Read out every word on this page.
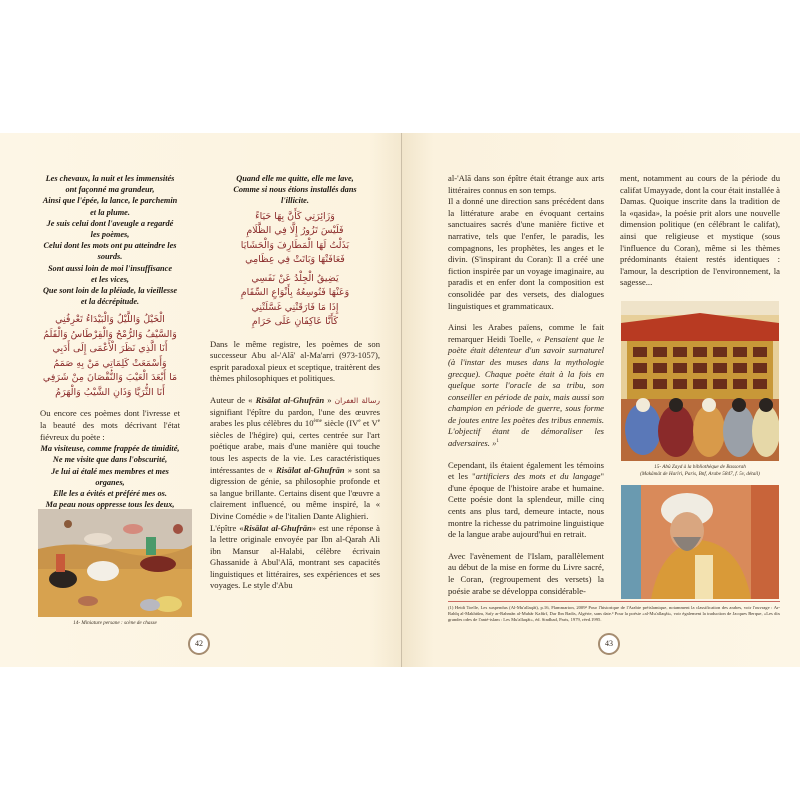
Les chevaux, la nuit et les immensités
ont façonné ma grandeur,
Ainsi que l'épée, la lance, le parchemin
et la plume.
Je suis celui dont l'aveugle a regardé
les poèmes,
Celui dont les mots ont pu atteindre les
sourds.
Sont aussi loin de moi l'insuffisance
et les vices,
Que sont loin de la pléiade, la vieillesse
et la décrépitude.
الْخَيْلُ وَاللَّيْلُ وَالْبَيْدَاءُ تَعْرِفُنِي
وَالسَّيْفُ وَالرُّمْحُ وَالْقِرْطَاسُ وَالْقَلَمُ
أَنَا الَّذِي نَظَرَ الْأَعْمَى إِلَى أَدَبِي
وَأَسْمَعَتْ كَلِمَاتِي مَنْ بِهِ صَمَمُ
مَا أَبْعَدَ الْعَيْبَ وَالنُّقْصَانَ مِنْ شَرَفِي
أَنَا الثُّرَيَّا وَذَانِ الشَّيْبُ وَالْهَرَمُ

Ou encore ces poèmes dont l'ivresse et la beauté des mots décrivant l'état fiévreux du poète :

Ma visiteuse, comme frappée de timidité,
Ne me visite que dans l'obscurité,
Je lui ai étalé mes membres et mes organes,
Elle les a évités et préféré mes os.
Ma peau nous oppresse tous les deux,
14- Miniature persane : scène de chasse
Quand elle me quitte, elle me lave,
Comme si nous étions installés dans
l'illicite.
وَزَائِرَتِي كَأَنَّ بِهَا حَيَاءً
فَلَيْسَ تَزُورُ إِلَّا فِي الظَّلَامِ
بَذَلْتُ لَهَا الْمَطَارِفَ وَالْحَشَايَا
فَعَافَتْهَا وَبَاتَتْ فِي عِظَامِي
يَضِيقُ الْجِلْدُ عَنْ نَفَسِي
وَعَنْهَا فَتُوسِعُهُ بِأَنْوَاعِ السِّقَامِ
إِذَا مَا فَارَقَتْنِي غَسَّلَتْنِي
كَأَنَّا عَاكِفَانِ عَلَى حَرَامِ

Dans le même registre, les poèmes de son successeur Abu al-'Alā' al-Ma'arri (973-1057), esprit paradoxal pieux et sceptique, traitèrent des thèmes philosophiques et politiques.

Auteur de « Risālat al-Ghufrān » رسالة الغفران signifiant l'épître du pardon, l'une des œuvres arabes les plus célèbres du 10ème siècle (IVe et Ve siècles de l'hégire) qui, certes centrée sur l'art poétique arabe, mais d'une manière qui touche tous les aspects de la vie. Les caractéristiques intéressantes de « Risālat al-Ghufrān » sont sa digression de génie, sa philosophie profonde et sa langue brillante. Certains disent que l'œuvre a clairement influencé, ou même inspiré, la « Divine Comédie » de l'italien Dante Alighieri.

L'épître «Risālat al-Ghufrān» est une réponse à la lettre originale envoyée par Ibn al-Qarah Ali ibn Mansur al-Halabi, célèbre écrivain Ghassanide à Abul'Alā, montrant ses capacités linguistiques et littéraires, ses expériences et ses voyages. Le style d'Abu

42

al-'Alā dans son épître était étrange aux arts littéraires connus en son temps.

Il a donné une direction sans précédent dans la littérature arabe en évoquant certains sanctuaires sacrés d'une manière fictive et narrative, tels que l'enfer, le paradis, les compagnons, les prophètes, les anges et le divin. (S'inspirant du Coran): Il a créé une fiction inspirée par un voyage imaginaire, au paradis et en enfer dont la composition est consolidée par des versets, des dialogues linguistiques et grammaticaux.

Ainsi les Arabes païens, comme le fait remarquer Heidi Toelle, « Pensaient que le poète était détenteur d'un savoir surnaturel (à l'instar des muses dans la mythologie grecque). Chaque poète était à la fois en quelque sorte l'oracle de sa tribu, son conseiller en période de paix, mais aussi son champion en période de guerre, sous forme de joutes entre les poètes des tribus ennemis. L'objectif étant de démoraliser les adversaires. »$^1$

Cependant, ils étaient également les témoins et les "artificiers des mots et du langage" d'une époque de l'histoire arabe et humaine. Cette poésie dont la splendeur, mille cinq cents ans plus tard, demeure intacte, nous montre la richesse du patrimoine linguistique de la langue arabe aujourd'hui en retrait.

Avec l'avènement de l'Islam, parallèlement au début de la mise en forme du Livre sacré, le Coran, (regroupement des versets) la poésie arabe se développa considérable-

ment, notamment au cours de la période du califat Umayyade, dont la cour était installée à Damas. Quoique inscrite dans la tradition de la «qasida», la poésie prit alors une nouvelle dimension politique (en célébrant le califat), ainsi que religieuse et mystique (sous l'influence du Coran), même si les thèmes prédominants étaient restés identiques : l'amour, la description de l'environnement, la sagesse...

15- Abû Zayd à la bibliothèque de Bassorah
(Makâmât de Harîri, Paris, Bnf, Arabe 5847, f. 5v, détail)
(1) Heidi Toelle, Les suspendus (Al-Mu'allaqât), p.16, Flammarion, 2009² Pour l'historique de l'Arabie préislamique, notamment la classification des arabes, voir l'ouvrage : Ar-Rahîq al-Makhtûm, Safy ar-Rahmân al-Mubâr Kafûrî, Dar Ibn Badis, Algérie, sans date.³ Pour la poésie «al-Mu'allaqât», voir également la traduction de Jacques Berque, «Les dix grandes odes de l'anté-islam : Les Mu'allaqât», éd. Sindbad, Paris, 1979, réed.1995.
43
